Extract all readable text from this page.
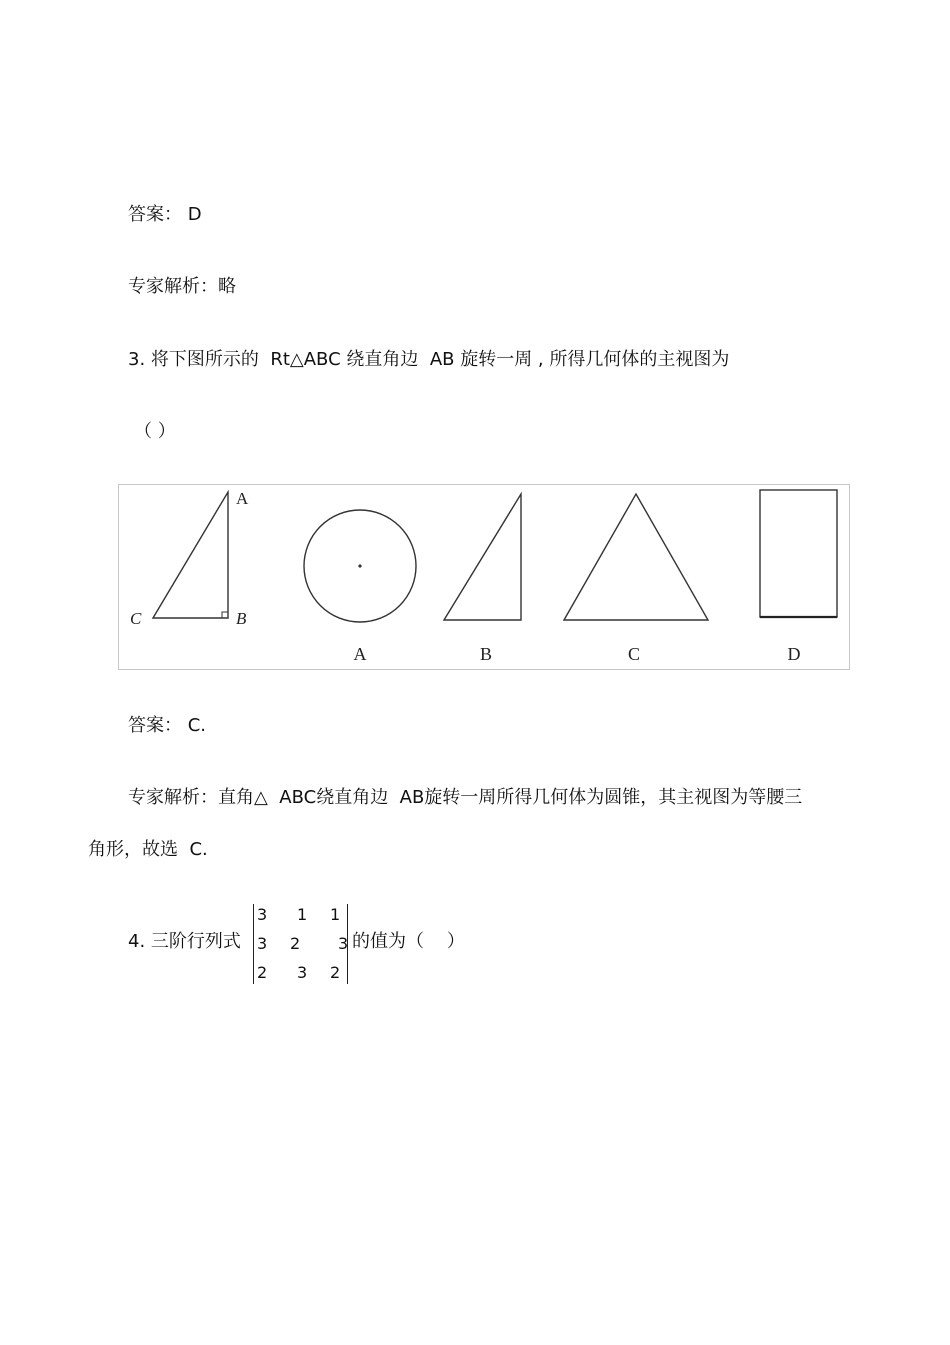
答案： D
专家解析：略
3. 将下图所示的  Rt△ABC 绕直角边  AB 旋转一周 , 所得几何体的主视图为
（ ）
A
B
C
A	B	C	D
答案： C.
专家解析：直角△  ABC绕直角边  AB旋转一周所得几何体为圆锥，其主视图为等腰三
角形，故选  C.
4. 三阶行列式
3 1 1
3 2 3
2 3 2
的值为（    ）
